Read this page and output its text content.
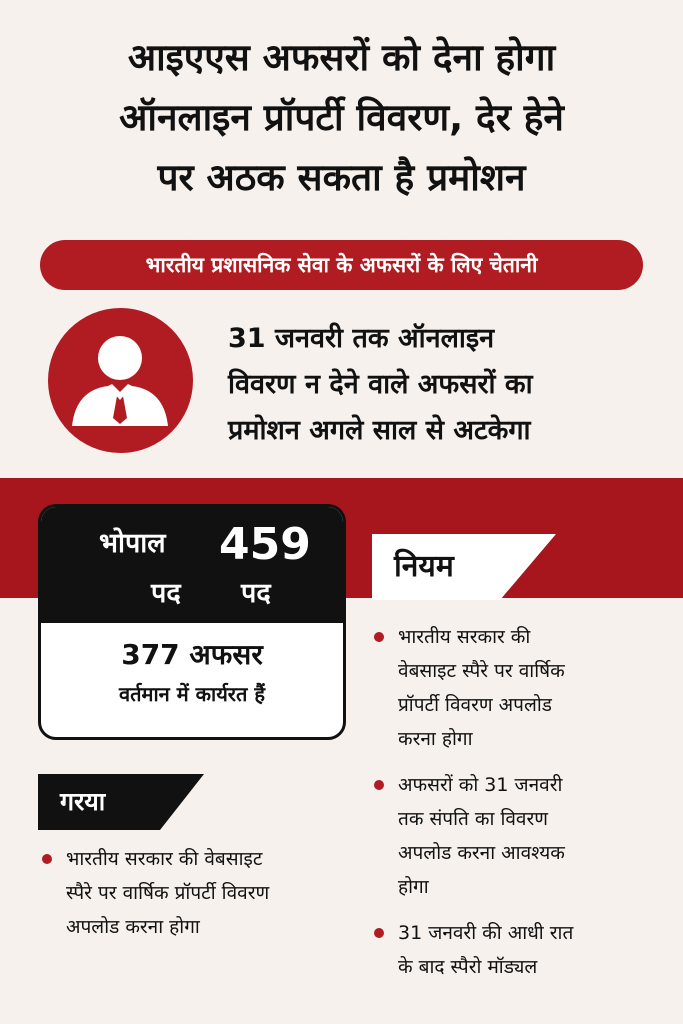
आइएएस अफसरों को देना होगा
ऑनलाइन प्रॉपर्टी विवरण, देर हेने
पर अठक सकता है प्रमोशन
भारतीय प्रशासनिक सेवा के अफसरों के लिए चेतानी
31 जनवरी तक ऑनलाइन
विवरण न देने वाले अफसरों का
प्रमोशन अगले साल से अटकेगा
भोपाल
पद
459
पद
377 अफसर
वर्तमान में कार्यरत हैं
नियम
भारतीय सरकार की
वेबसाइट स्पैरे पर वार्षिक
प्रॉपर्टी विवरण अपलोड
करना होगा
अफसरों को 31 जनवरी
तक संपति का विवरण
अपलोड करना आवश्यक
होगा
31 जनवरी की आधी रात
के बाद स्पैरो मॉड्यल
गरया
भारतीय सरकार की वेबसाइट
स्पैरे पर वार्षिक प्रॉपर्टी विवरण
अपलोड करना होगा
